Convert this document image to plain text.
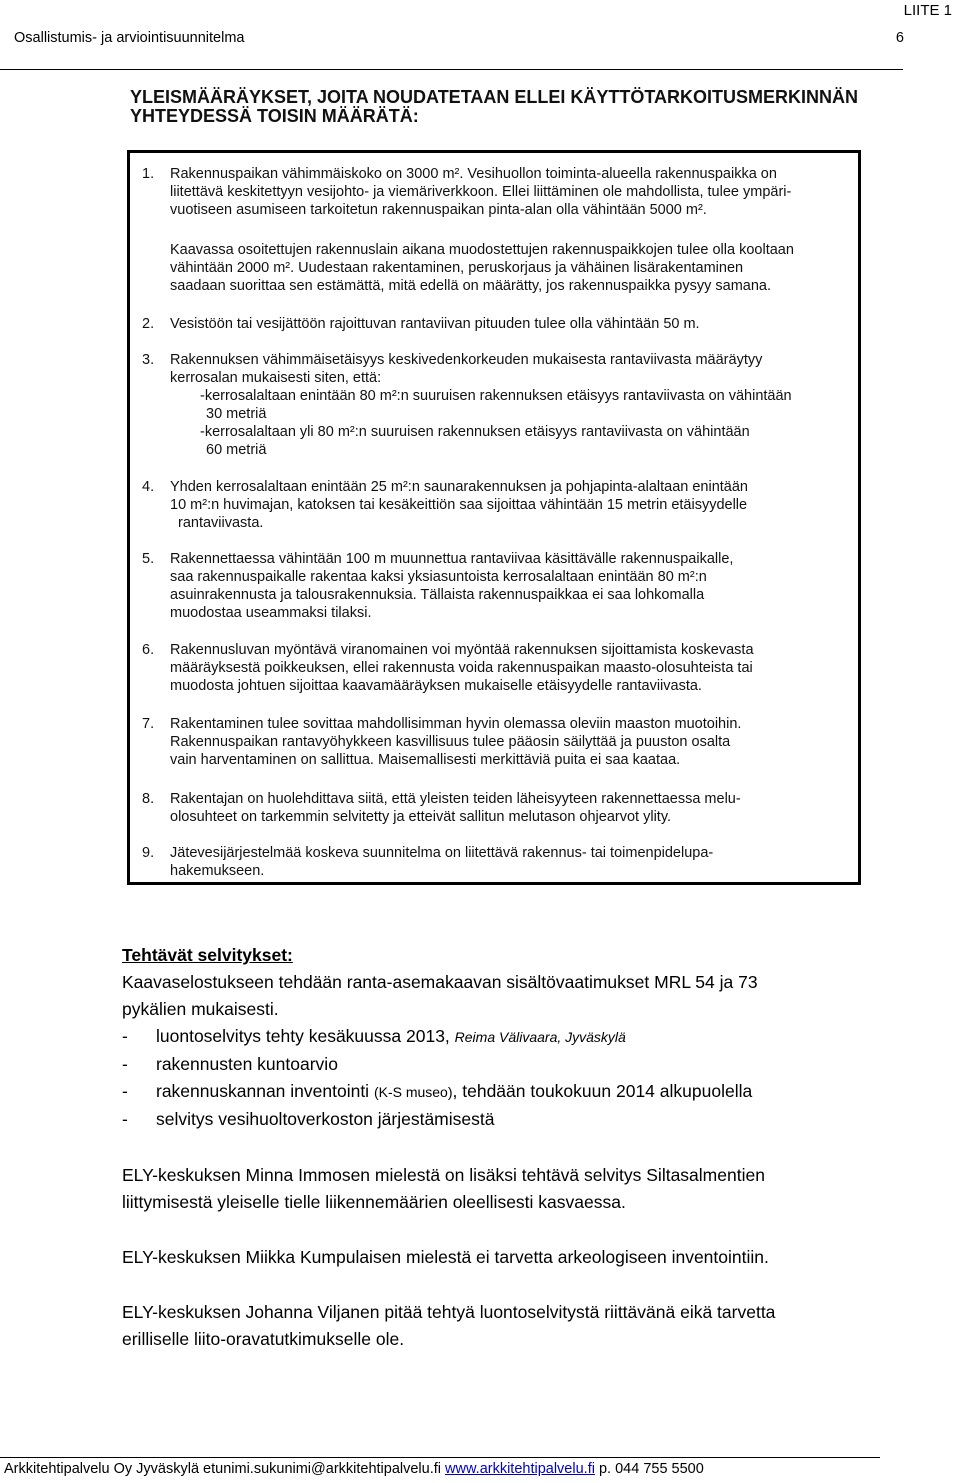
LIITE 1
Osallistumis- ja arviointisuunnitelma	6
YLEISMÄÄRÄYKSET, JOITA NOUDATETAAN ELLEI KÄYTTÖTARKOITUSMERKINNÄN
YHTEYDESSÄ TOISIN MÄÄRÄTÄ:
1. Rakennuspaikan vähimmäiskoko on 3000 m². Vesihuollon toiminta-alueella rakennuspaikka on
liitettävä keskitettyyn vesijohto- ja viemäriverkkoon. Ellei liittäminen ole mahdollista, tulee ympäri-
vuotiseen asumiseen tarkoitetun rakennuspaikan pinta-alan olla vähintään 5000 m².
Kaavassa osoitettujen rakennuslain aikana muodostettujen rakennuspaikkojen tulee olla kooltaan
vähintään 2000 m². Uudestaan rakentaminen, peruskorjaus ja vähäinen lisärakentaminen
saadaan suorittaa sen estämättä, mitä edellä on määrätty, jos rakennuspaikka pysyy samana.
2. Vesistöön tai vesijättöön rajoittuvan rantaviivan pituuden tulee olla vähintään 50 m.
3. Rakennuksen vähimmäisetäisyys keskivedenkorkeuden mukaisesta rantaviivasta määräytyy
kerrosalan mukaisesti siten, että:
-kerrosalaltaan enintään 80 m²:n suuruisen rakennuksen etäisyys rantaviivasta on vähintään
30 metriä
-kerrosalaltaan yli 80 m²:n suuruisen rakennuksen etäisyys rantaviivasta on vähintään
60 metriä
4. Yhden kerrosalaltaan enintään 25 m²:n saunarakennuksen ja pohjapinta-alaltaan enintään
10 m²:n huvimajan, katoksen tai kesäkeittiön saa sijoittaa vähintään 15 metrin etäisyydelle
rantaviivasta.
5. Rakennettaessa vähintään 100 m muunnettua rantaviivaa käsittävälle rakennuspaikalle,
saa rakennuspaikalle rakentaa kaksi yksiasuntoista kerrosalaltaan enintään 80 m²:n
asuinrakennusta ja talousrakennuksia. Tällaista rakennuspaikkaa ei saa lohkomalla
muodostaa useammaksi tilaksi.
6. Rakennusluvan myöntävä viranomainen voi myöntää rakennuksen sijoittamista koskevasta
määräyksestä poikkeuksen, ellei rakennusta voida rakennuspaikan maasto-olosuhteista tai
muodosta johtuen sijoittaa kaavamääräyksen mukaiselle etäisyydelle rantaviivasta.
7. Rakentaminen tulee sovittaa mahdollisimman hyvin olemassa oleviin maaston muotoihin.
Rakennuspaikan rantavyöhykkeen kasvillisuus tulee pääosin säilyttää ja puuston osalta
vain harventaminen on sallittua. Maisemallisesti merkittäviä puita ei saa kaataa.
8. Rakentajan on huolehdittava siitä, että yleisten teiden läheisyyteen rakennettaessa melu-
olosuhteet on tarkemmin selvitetty ja etteivät sallitun melutason ohjearvot ylity.
9. Jätevesijärjestelmää koskeva suunnitelma on liitettävä rakennus- tai toimenpidelupa-
hakemukseen.
Tehtävät selvitykset:
Kaavaselostukseen tehdään ranta-asemakaavan sisältövaatimukset MRL 54 ja 73
pykälien mukaisesti.
- luontoselvitys tehty kesäkuussa 2013, Reima Välivaara, Jyväskylä
- rakennusten kuntoarvio
- rakennuskannan inventointi (K-S museo), tehdään toukokuun 2014 alkupuolella
- selvitys vesihuoltoverkoston järjestämisestä
ELY-keskuksen Minna Immosen mielestä on lisäksi tehtävä selvitys Siltasalmentien
liittymisestä yleiselle tielle liikennemäärien oleellisesti kasvaessa.
ELY-keskuksen Miikka Kumpulaisen mielestä ei tarvetta arkeologiseen inventointiin.
ELY-keskuksen Johanna Viljanen pitää tehtyä luontoselvitystä riittävänä eikä tarvetta
erilliselle liito-oravatutkimukselle ole.
Arkkitehtipalvelu Oy Jyväskylä etunimi.sukunimi@arkkitehtipalvelu.fi www.arkkitehtipalvelu.fi p. 044 755 5500
